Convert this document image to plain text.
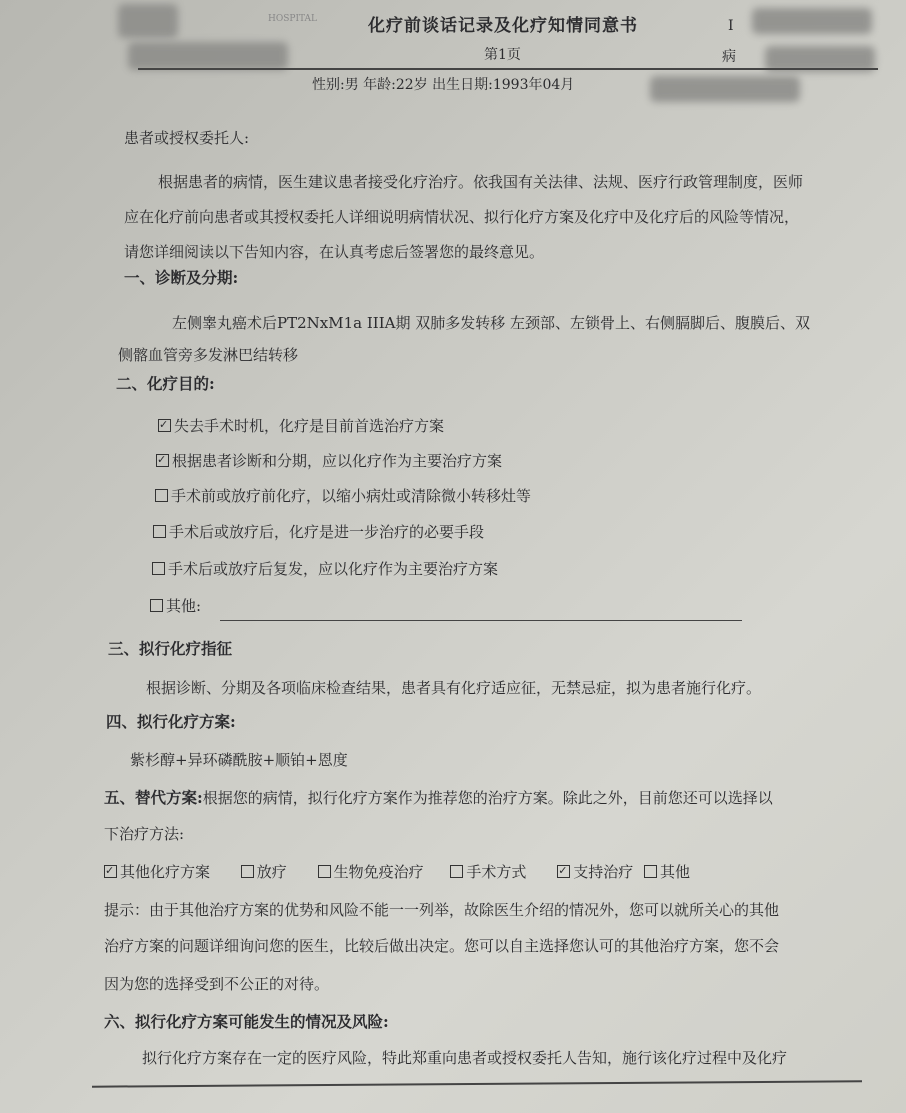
HOSPITAL	化疗前谈话记录及化疗知情同意书	I
第1页	病
性别:男 年龄:22岁 出生日期:1993年04月
患者或授权委托人:
根据患者的病情，医生建议患者接受化疗治疗。依我国有关法律、法规、医疗行政管理制度，医师
应在化疗前向患者或其授权委托人详细说明病情状况、拟行化疗方案及化疗中及化疗后的风险等情况，
请您详细阅读以下告知内容，在认真考虑后签署您的最终意见。
一、诊断及分期:
左侧睾丸癌术后PT2NxM1a IIIA期 双肺多发转移 左颈部、左锁骨上、右侧膈脚后、腹膜后、双
侧髂血管旁多发淋巴结转移
二、化疗目的:
✓失去手术时机，化疗是目前首选治疗方案
✓根据患者诊断和分期，应以化疗作为主要治疗方案
手术前或放疗前化疗，以缩小病灶或清除微小转移灶等
手术后或放疗后，化疗是进一步治疗的必要手段
手术后或放疗后复发，应以化疗作为主要治疗方案
其他:
三、拟行化疗指征
根据诊断、分期及各项临床检查结果，患者具有化疗适应征，无禁忌症，拟为患者施行化疗。
四、拟行化疗方案:
紫杉醇+异环磷酰胺+顺铂+恩度
五、替代方案:根据您的病情，拟行化疗方案作为推荐您的治疗方案。除此之外，目前您还可以选择以
下治疗方法:
✓其他化疗方案	放疗	生物免疫治疗	手术方式 ✓	支持治疗 其他
提示：由于其他治疗方案的优势和风险不能一一列举，故除医生介绍的情况外，您可以就所关心的其他
治疗方案的问题详细询问您的医生，比较后做出决定。您可以自主选择您认可的其他治疗方案，您不会
因为您的选择受到不公正的对待。
六、拟行化疗方案可能发生的情况及风险:
拟行化疗方案存在一定的医疗风险，特此郑重向患者或授权委托人告知，施行该化疗过程中及化疗
